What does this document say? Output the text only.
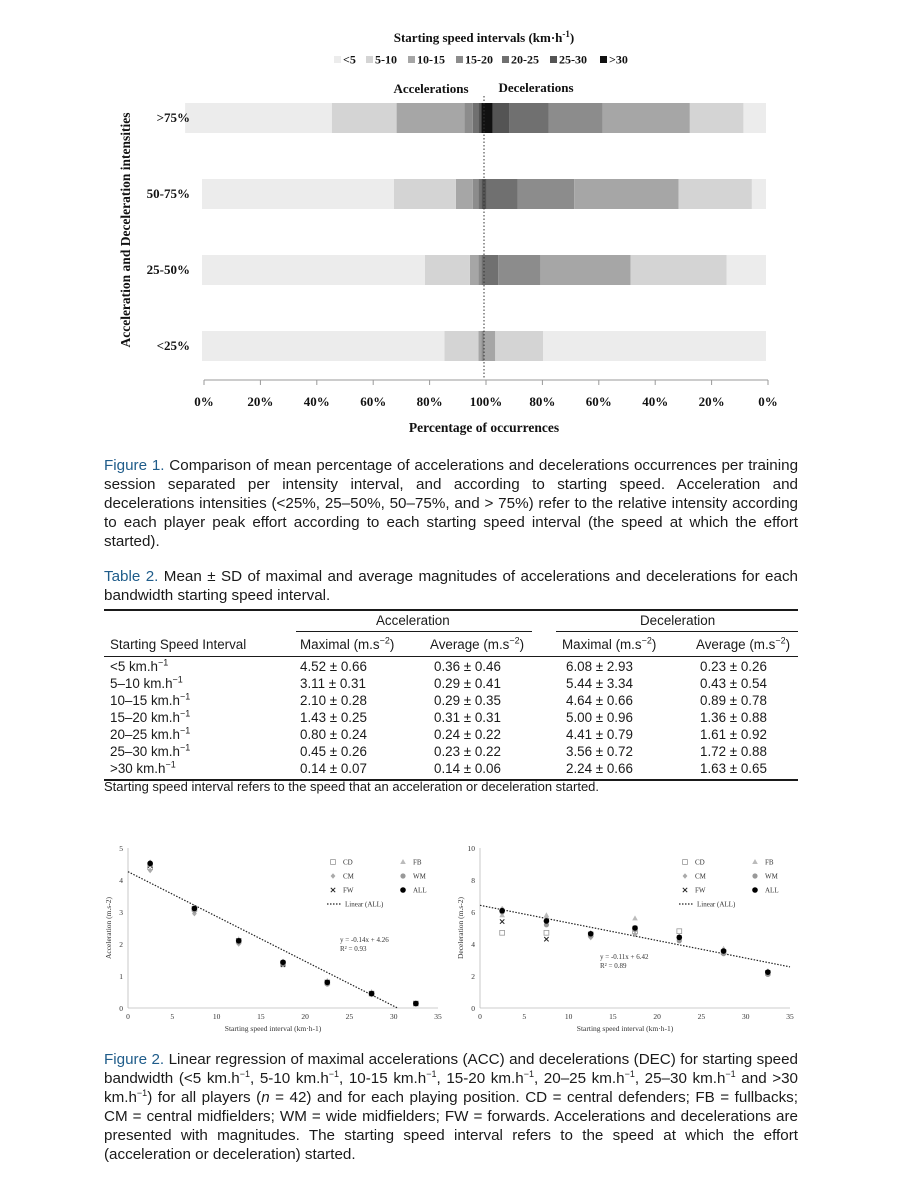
Starting speed intervals $(km\cdot h^{-1})$
<5 5-10 10-15 15-20 20-25 25-30 >30
Accelerations Decelerations
0%	20% 40% 60% 80% 100% 80% 60% 40% 20%	0%
>75%
50-75%
25-50%
<25%
Acceleration and Deceleration intensities
Percentage of occurrences
Figure 1. Comparison of mean percentage of accelerations and decelerations occurrences per training session separated per intensity interval, and according to starting speed. Acceleration and decelerations intensities (<25%, 25–50%, 50–75%, and > 75%) refer to the relative intensity according to each player peak effort according to each starting speed interval (the speed at which the effort started).
Table 2. Mean ± SD of maximal and average magnitudes of accelerations and decelerations for each bandwidth starting speed interval.
Acceleration	Deceleration
Starting Speed Interval	Maximal $(m.s^{-2})$	Average $(m.s^{-2})$	Maximal $(m.s^{-2})$	Average $(m.s^{-2})$
<5 $km.h^{-1}$	4.52 ± 0.66	0.36 ± 0.46	6.08 ± 2.93	0.23 ± 0.26
5–10 $km.h^{-1}$	3.11 ± 0.31	0.29 ± 0.41	5.44 ± 3.34	0.43 ± 0.54
10–15 $km.h^{-1}$	2.10 ± 0.28	0.29 ± 0.35	4.64 ± 0.66	0.89 ± 0.78
15–20 $km.h^{-1}$	1.43 ± 0.25	0.31 ± 0.31	5.00 ± 0.96	1.36 ± 0.88
20–25 $km.h^{-1}$	0.80 ± 0.24	0.24 ± 0.22	4.41 ± 0.79	1.61 ± 0.92
25–30 $km.h^{-1}$	0.45 ± 0.26	0.23 ± 0.22	3.56 ± 0.72	1.72 ± 0.88
>30 $km.h^{-1}$	0.14 ± 0.07	0.14 ± 0.06	2.24 ± 0.66	1.63 ± 0.65
Starting speed interval refers to the speed that an acceleration or deceleration started.
0	5	10	15	20	25	30	35
0
1
2
3
4
5
Starting speed interval (km·h-1)
Acceleration (m.s-2)
CD	FB
CM	WM
FW	ALL
Linear (ALL)
y = -0.14x + 4.26
R² = 0.93
0	5	10	15	20	25	30	35
0
2
4
6
8
10
Starting speed interval (km·h-1)
Deceleration (m.s-2)
CD	FB
CM	WM
FW	ALL
Linear (ALL)
y = -0.11x + 6.42
R² = 0.89
Figure 2. Linear regression of maximal accelerations (ACC) and decelerations (DEC) for starting speed bandwidth (<5 $km.h^{-1}$, 5-10 $km.h^{-1}$, 10-15 $km.h^{-1}$, 15-20 $km.h^{-1}$, 20–25 $km.h^{-1}$, 25–30 $km.h^{-1}$ and >30 $km.h^{-1}$) for all players (n = 42) and for each playing position. CD = central defenders; FB = fullbacks; CM = central midfielders; WM = wide midfielders; FW = forwards. Accelerations and decelerations are presented with magnitudes. The starting speed interval refers to the speed at which the effort (acceleration or deceleration) started.
